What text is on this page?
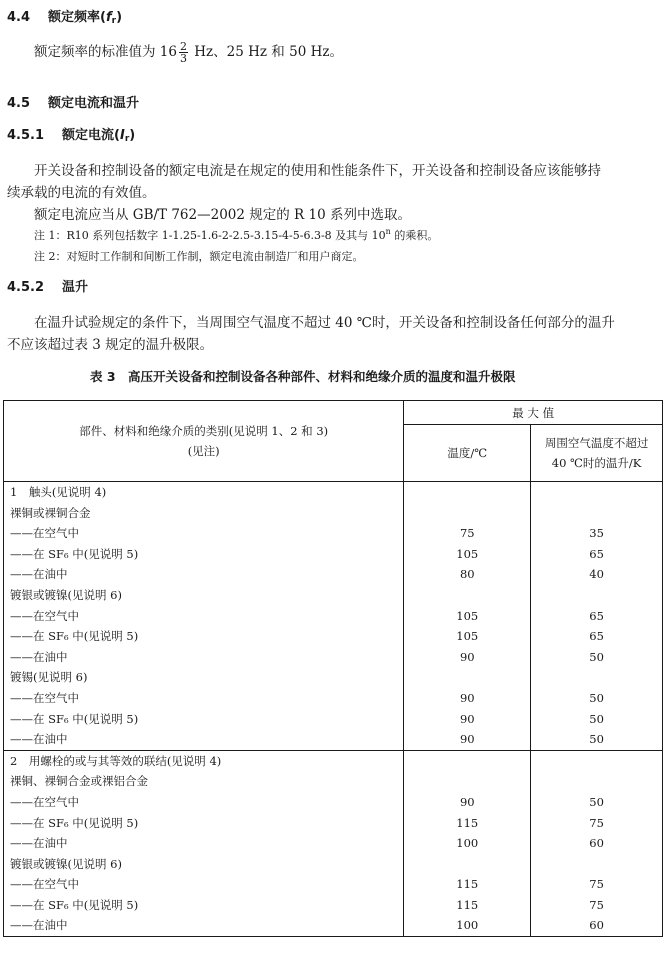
4.4 额定频率$(f_r)$
额定频率的标准值为 $16 \frac{2}{3}$ Hz、25 Hz 和 50 Hz。
4.5 额定电流和温升
4.5.1 额定电流$(I_r)$
开关设备和控制设备的额定电流是在规定的使用和性能条件下，开关设备和控制设备应该能够持
续承载的电流的有效值。
额定电流应当从 GB/T 762—2002 规定的 R 10 系列中选取。
注 1：R10 系列包括数字 1-1.25-1.6-2-2.5-3.15-4-5-6.3-8 及其与 10$^n$ 的乘积。
注 2：对短时工作制和间断工作制，额定电流由制造厂和用户商定。
4.5.2 温升
在温升试验规定的条件下，当周围空气温度不超过 40 ℃时，开关设备和控制设备任何部分的温升
不应该超过表 3 规定的温升极限。
表 3　高压开关设备和控制设备各种部件、材料和绝缘介质的温度和温升极限
部件、材料和绝缘介质的类别(见说明 1、2 和 3)
(见注)	最 大 值	
	温度/℃	周围空气温度不超过
40 ℃时的温升/K
1　触头(见说明 4)		
裸铜或裸铜合金		
——在空气中	75	35
——在 SF₆ 中(见说明 5)	105	65
——在油中	80	40
镀银或镀镍(见说明 6)		
——在空气中	105	65
——在 SF₆ 中(见说明 5)	105	65
——在油中	90	50
镀锡(见说明 6)		
——在空气中	90	50
——在 SF₆ 中(见说明 5)	90	50
——在油中	90	50
2　用螺栓的或与其等效的联结(见说明 4)		
裸铜、裸铜合金或裸铝合金		
——在空气中	90	50
——在 SF₆ 中(见说明 5)	115	75
——在油中	100	60
镀银或镀镍(见说明 6)		
——在空气中	115	75
——在 SF₆ 中(见说明 5)	115	75
——在油中	100	60
